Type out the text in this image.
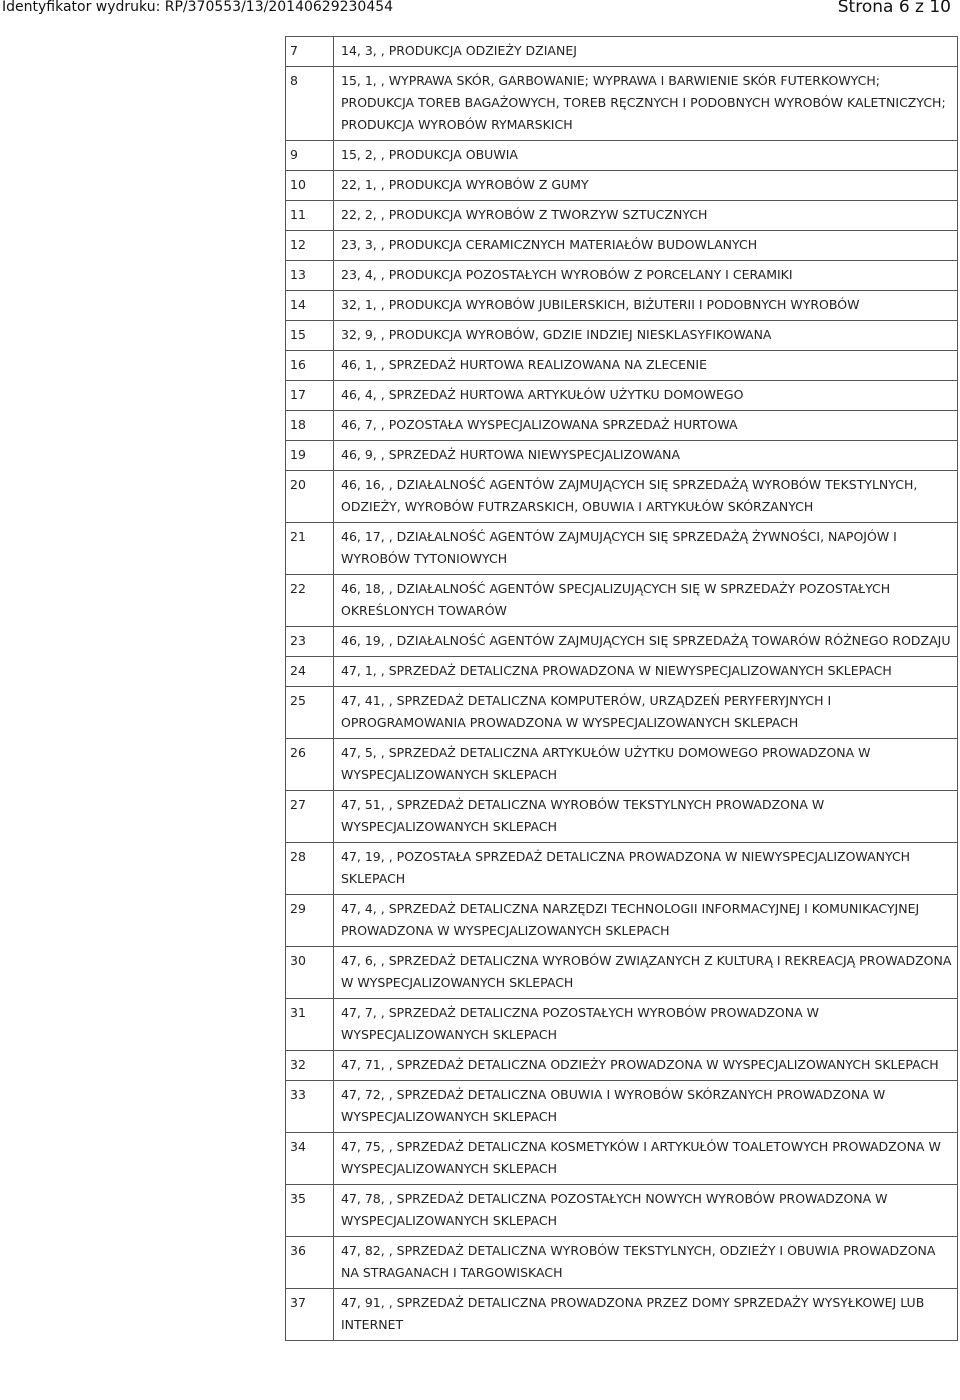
Identyfikator wydruku: RP/370553/13/20140629230454	Strona 6 z 10
7	14, 3, , PRODUKCJA ODZIEŻY DZIANEJ
8	15, 1, , WYPRAWA SKÓR, GARBOWANIE; WYPRAWA I BARWIENIE SKÓR FUTERKOWYCH; PRODUKCJA TOREB BAGAŻOWYCH, TOREB RĘCZNYCH I PODOBNYCH WYROBÓW KALETNICZYCH; PRODUKCJA WYROBÓW RYMARSKICH
9	15, 2, , PRODUKCJA OBUWIA
10	22, 1, , PRODUKCJA WYROBÓW Z GUMY
11	22, 2, , PRODUKCJA WYROBÓW Z TWORZYW SZTUCZNYCH
12	23, 3, , PRODUKCJA CERAMICZNYCH MATERIAŁÓW BUDOWLANYCH
13	23, 4, , PRODUKCJA POZOSTAŁYCH WYROBÓW Z PORCELANY I CERAMIKI
14	32, 1, , PRODUKCJA WYROBÓW JUBILERSKICH, BIŻUTERII I PODOBNYCH WYROBÓW
15	32, 9, , PRODUKCJA WYROBÓW, GDZIE INDZIEJ NIESKLASYFIKOWANA
16	46, 1, , SPRZEDAŻ HURTOWA REALIZOWANA NA ZLECENIE
17	46, 4, , SPRZEDAŻ HURTOWA ARTYKUŁÓW UŻYTKU DOMOWEGO
18	46, 7, , POZOSTAŁA WYSPECJALIZOWANA SPRZEDAŻ HURTOWA
19	46, 9, , SPRZEDAŻ HURTOWA NIEWYSPECJALIZOWANA
20	46, 16, , DZIAŁALNOŚĆ AGENTÓW ZAJMUJĄCYCH SIĘ SPRZEDAŻĄ WYROBÓW TEKSTYLNYCH, ODZIEŻY, WYROBÓW FUTRZARSKICH, OBUWIA I ARTYKUŁÓW SKÓRZANYCH
21	46, 17, , DZIAŁALNOŚĆ AGENTÓW ZAJMUJĄCYCH SIĘ SPRZEDAŻĄ ŻYWNOŚCI, NAPOJÓW I WYROBÓW TYTONIOWYCH
22	46, 18, , DZIAŁALNOŚĆ AGENTÓW SPECJALIZUJĄCYCH SIĘ W SPRZEDAŻY POZOSTAŁYCH OKREŚLONYCH TOWARÓW
23	46, 19, , DZIAŁALNOŚĆ AGENTÓW ZAJMUJĄCYCH SIĘ SPRZEDAŻĄ TOWARÓW RÓŻNEGO RODZAJU
24	47, 1, , SPRZEDAŻ DETALICZNA PROWADZONA W NIEWYSPECJALIZOWANYCH SKLEPACH
25	47, 41, , SPRZEDAŻ DETALICZNA KOMPUTERÓW, URZĄDZEŃ PERYFERYJNYCH I OPROGRAMOWANIA PROWADZONA W WYSPECJALIZOWANYCH SKLEPACH
26	47, 5, , SPRZEDAŻ DETALICZNA ARTYKUŁÓW UŻYTKU DOMOWEGO PROWADZONA W WYSPECJALIZOWANYCH SKLEPACH
27	47, 51, , SPRZEDAŻ DETALICZNA WYROBÓW TEKSTYLNYCH PROWADZONA W WYSPECJALIZOWANYCH SKLEPACH
28	47, 19, , POZOSTAŁA SPRZEDAŻ DETALICZNA PROWADZONA W NIEWYSPECJALIZOWANYCH SKLEPACH
29	47, 4, , SPRZEDAŻ DETALICZNA NARZĘDZI TECHNOLOGII INFORMACYJNEJ I KOMUNIKACYJNEJ PROWADZONA W WYSPECJALIZOWANYCH SKLEPACH
30	47, 6, , SPRZEDAŻ DETALICZNA WYROBÓW ZWIĄZANYCH Z KULTURĄ I REKREACJĄ PROWADZONA W WYSPECJALIZOWANYCH SKLEPACH
31	47, 7, , SPRZEDAŻ DETALICZNA POZOSTAŁYCH WYROBÓW PROWADZONA W WYSPECJALIZOWANYCH SKLEPACH
32	47, 71, , SPRZEDAŻ DETALICZNA ODZIEŻY PROWADZONA W WYSPECJALIZOWANYCH SKLEPACH
33	47, 72, , SPRZEDAŻ DETALICZNA OBUWIA I WYROBÓW SKÓRZANYCH PROWADZONA W WYSPECJALIZOWANYCH SKLEPACH
34	47, 75, , SPRZEDAŻ DETALICZNA KOSMETYKÓW I ARTYKUŁÓW TOALETOWYCH PROWADZONA W WYSPECJALIZOWANYCH SKLEPACH
35	47, 78, , SPRZEDAŻ DETALICZNA POZOSTAŁYCH NOWYCH WYROBÓW PROWADZONA W WYSPECJALIZOWANYCH SKLEPACH
36	47, 82, , SPRZEDAŻ DETALICZNA WYROBÓW TEKSTYLNYCH, ODZIEŻY I OBUWIA PROWADZONA NA STRAGANACH I TARGOWISKACH
37	47, 91, , SPRZEDAŻ DETALICZNA PROWADZONA PRZEZ DOMY SPRZEDAŻY WYSYŁKOWEJ LUB INTERNET
